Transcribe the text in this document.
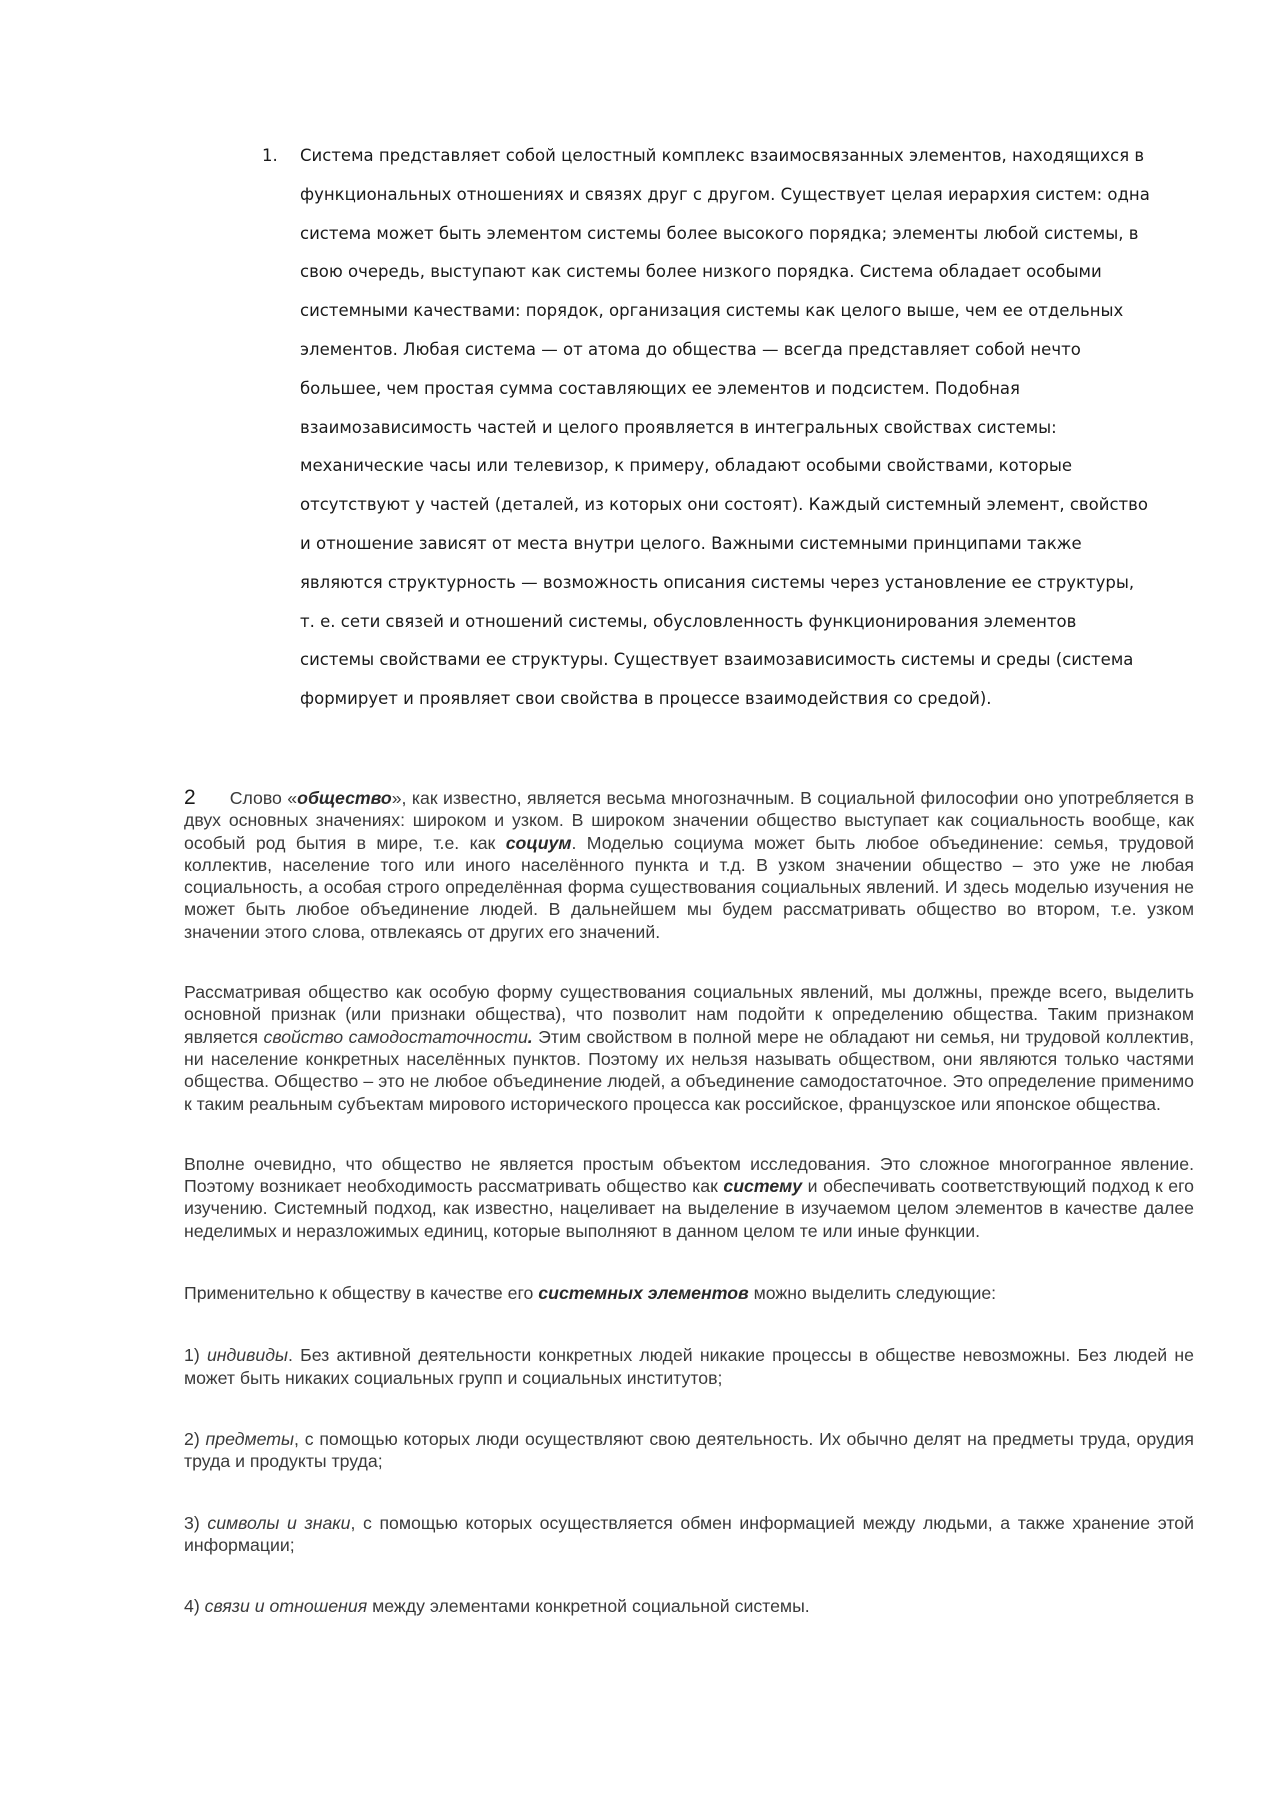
1. Система представляет собой целостный комплекс взаимосвязанных элементов, находящихся в
функциональных отношениях и связях друг с другом. Существует целая иерархия систем: одна
система может быть элементом системы более высокого порядка; элементы любой системы, в
свою очередь, выступают как системы более низкого порядка. Система обладает особыми
системными качествами: порядок, организация системы как целого выше, чем ее отдельных
элементов. Любая система — от атома до общества — всегда представляет собой нечто
большее, чем простая сумма составляющих ее элементов и подсистем. Подобная
взаимозависимость частей и целого проявляется в интегральных свойствах системы:
механические часы или телевизор, к примеру, обладают особыми свойствами, которые
отсутствуют у частей (деталей, из которых они состоят). Каждый системный элемент, свойство
и отношение зависят от места внутри целого. Важными системными принципами также
являются структурность — возможность описания системы через установление ее структуры,
т. е. сети связей и отношений системы, обусловленность функционирования элементов
системы свойствами ее структуры. Существует взаимозависимость системы и среды (система
формирует и проявляет свои свойства в процессе взаимодействия со средой).

2 Слово «общество», как известно, является весьма многозначным. В социальной философии оно употребляется в двух основных значениях: широком и узком. В широком значении общество выступает как социальность вообще, как особый род бытия в мире, т.е. как социум. Моделью социума может быть любое объединение: семья, трудовой коллектив, население того или иного населённого пункта и т.д. В узком значении общество – это уже не любая социальность, а особая строго определённая форма существования социальных явлений. И здесь моделью изучения не может быть любое объединение людей. В дальнейшем мы будем рассматривать общество во втором, т.е. узком значении этого слова, отвлекаясь от других его значений.

Рассматривая общество как особую форму существования социальных явлений, мы должны, прежде всего, выделить основной признак (или признаки общества), что позволит нам подойти к определению общества. Таким признаком является свойство самодостаточности. Этим свойством в полной мере не обладают ни семья, ни трудовой коллектив, ни население конкретных населённых пунктов. Поэтому их нельзя называть обществом, они являются только частями общества. Общество – это не любое объединение людей, а объединение самодостаточное. Это определение применимо к таким реальным субъектам мирового исторического процесса как российское, французское или японское общества.

Вполне очевидно, что общество не является простым объектом исследования. Это сложное многогранное явление. Поэтому возникает необходимость рассматривать общество как систему и обеспечивать соответствующий подход к его изучению. Системный подход, как известно, нацеливает на выделение в изучаемом целом элементов в качестве далее неделимых и неразложимых единиц, которые выполняют в данном целом те или иные функции.

Применительно к обществу в качестве его системных элементов можно выделить следующие:

1) индивиды. Без активной деятельности конкретных людей никакие процессы в обществе невозможны. Без людей не может быть никаких социальных групп и социальных институтов;

2) предметы, с помощью которых люди осуществляют свою деятельность. Их обычно делят на предметы труда, орудия труда и продукты труда;

3) символы и знаки, с помощью которых осуществляется обмен информацией между людьми, а также хранение этой информации;

4) связи и отношения между элементами конкретной социальной системы.
